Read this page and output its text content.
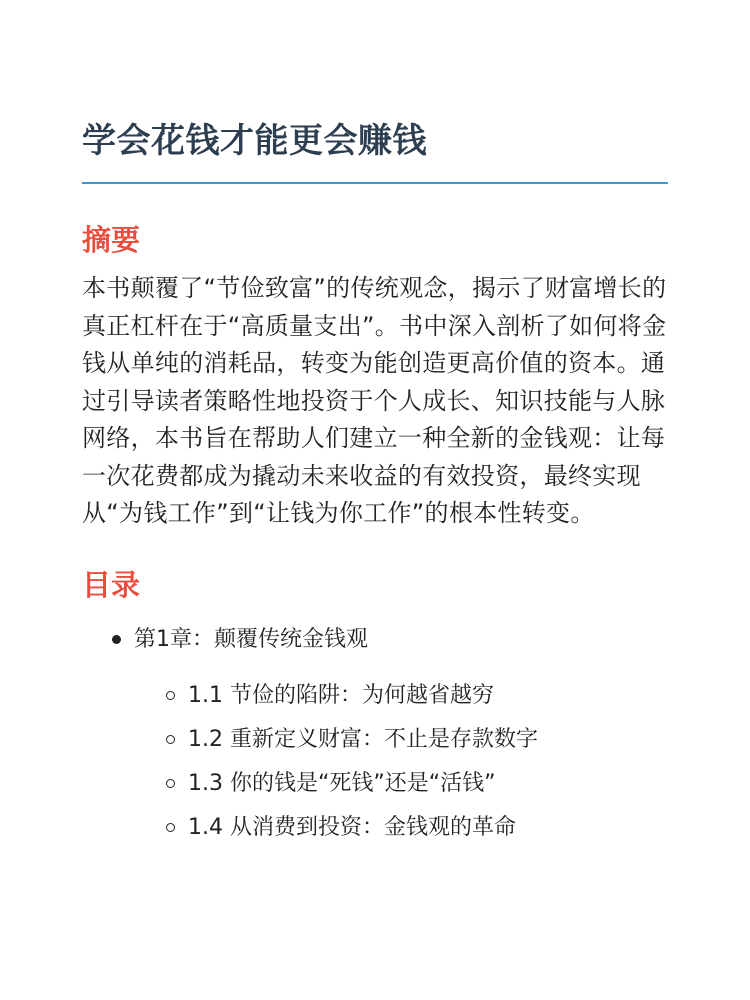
学会花钱才能更会赚钱
摘要

本书颠覆了“节俭致富”的传统观念，揭示了财富增长的真正杠杆在于“高质量支出”。书中深入剖析了如何将金钱从单纯的消耗品，转变为能创造更高价值的资本。通过引导读者策略性地投资于个人成长、知识技能与人脉网络，本书旨在帮助人们建立一种全新的金钱观：让每一次花费都成为撬动未来收益的有效投资，最终实现从“为钱工作”到“让钱为你工作”的根本性转变。

目录
第1章：颠覆传统金钱观
1.1 节俭的陷阱：为何越省越穷
1.2 重新定义财富：不止是存款数字
1.3 你的钱是“死钱”还是“活钱”
1.4 从消费到投资：金钱观的革命
